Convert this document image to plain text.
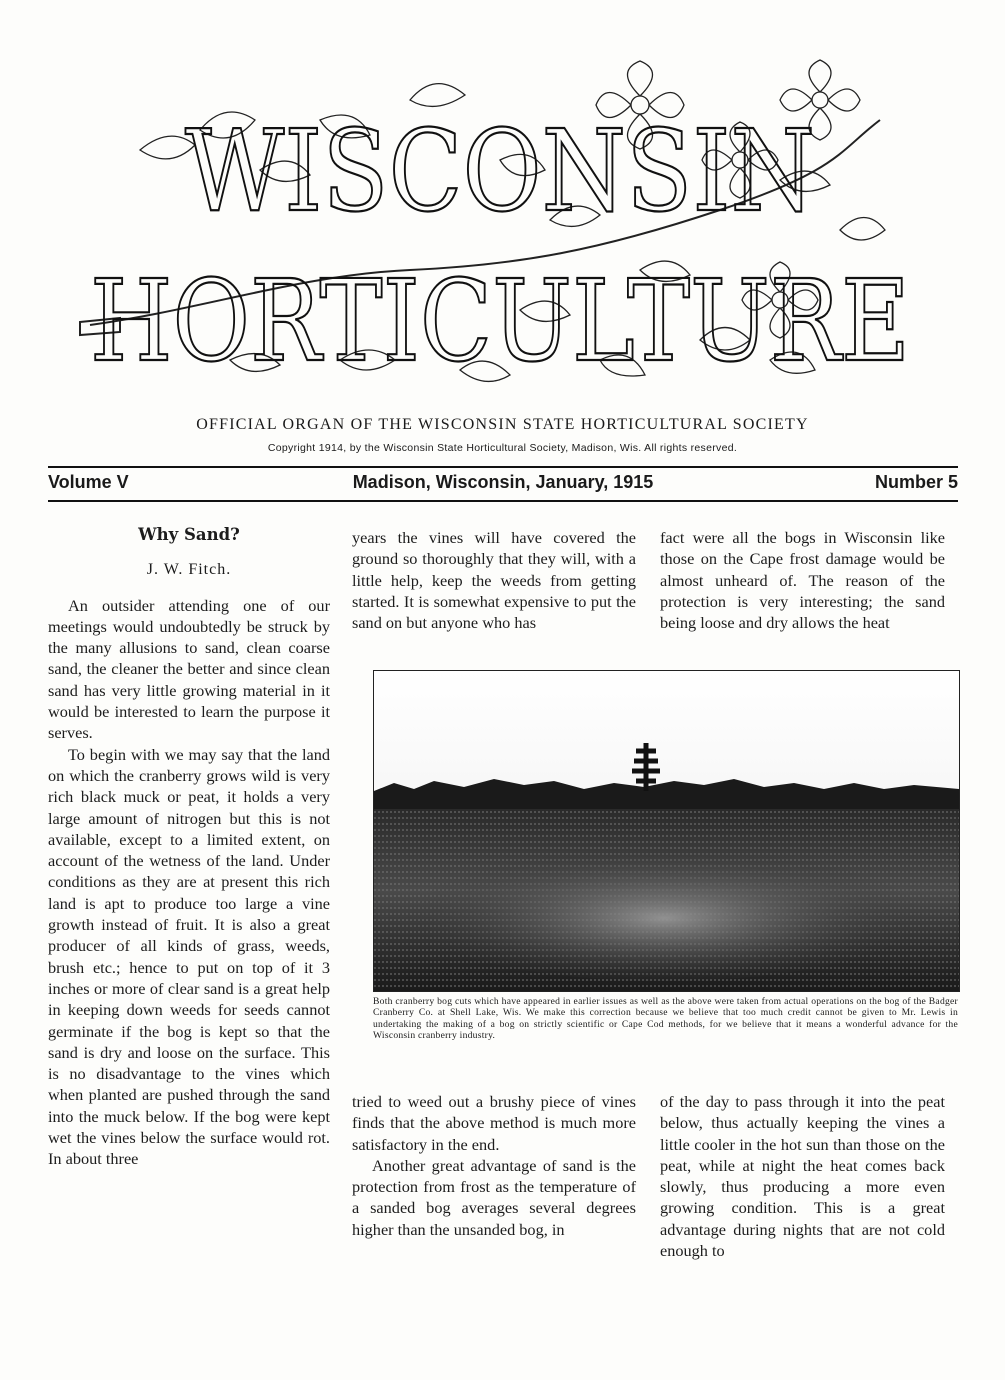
WISCONSIN
HORTICULTURE
OFFICIAL ORGAN OF THE WISCONSIN STATE HORTICULTURAL SOCIETY
Copyright 1914, by the Wisconsin State Horticultural Society, Madison, Wis. All rights reserved.
Volume V	Madison, Wisconsin, January, 1915	Number 5
Why Sand?
J. W. Fitch.

An outsider attending one of our meetings would undoubtedly be struck by the many allusions to sand, clean coarse sand, the cleaner the better and since clean sand has very little growing material in it would be interested to learn the purpose it serves.

To begin with we may say that the land on which the cranberry grows wild is very rich black muck or peat, it holds a very large amount of nitrogen but this is not available, except to a limited extent, on account of the wetness of the land. Under conditions as they are at present this rich land is apt to produce too large a vine growth instead of fruit. It is also a great producer of all kinds of grass, weeds, brush etc.; hence to put on top of it 3 inches or more of clear sand is a great help in keeping down weeds for seeds cannot germinate if the bog is kept so that the sand is dry and loose on the surface. This is no disadvantage to the vines which when planted are pushed through the sand into the muck below. If the bog were kept wet the vines below the surface would rot. In about three

years the vines will have covered the ground so thoroughly that they will, with a little help, keep the weeds from getting started. It is somewhat expensive to put the sand on but anyone who has

fact were all the bogs in Wisconsin like those on the Cape frost damage would be almost unheard of. The reason of the protection is very interesting; the sand being loose and dry allows the heat

Both cranberry bog cuts which have appeared in earlier issues as well as the above were taken from actual operations on the bog of the Badger Cranberry Co. at Shell Lake, Wis. We make this correction because we believe that too much credit cannot be given to Mr. Lewis in undertaking the making of a bog on strictly scientific or Cape Cod methods, for we believe that it means a wonderful advance for the Wisconsin cranberry industry.

tried to weed out a brushy piece of vines finds that the above method is much more satisfactory in the end.

Another great advantage of sand is the protection from frost as the temperature of a sanded bog averages several degrees higher than the unsanded bog, in

of the day to pass through it into the peat below, thus actually keeping the vines a little cooler in the hot sun than those on the peat, while at night the heat comes back slowly, thus producing a more even growing condition. This is a great advantage during nights that are not cold enough to
